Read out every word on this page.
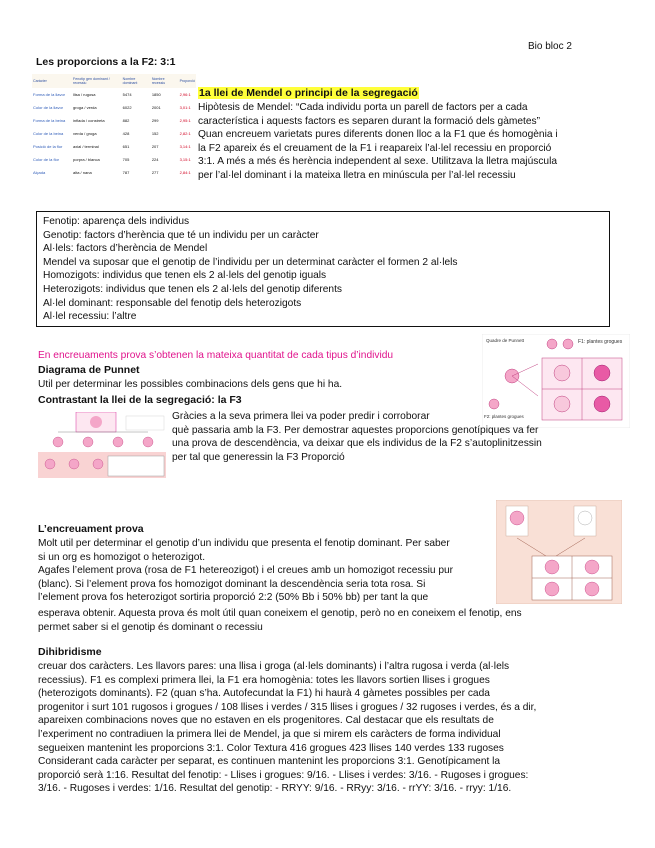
Bio bloc 2
Les proporcions a la F2: 3:1
Caràcter	Fenotip gen dominant / recessiu	Nombre dominant	Nombre recessiu	Proporció
Forma de la llavor	llisa / rugosa	5474	1850	2,96:1
Color de la llavor	groga / verda	6022	2001	3,01:1
Forma de la beina	inflada / constreta	882	299	2,95:1
Color de la beina	verda / groga	428	152	2,82:1
Posició de la flor	axial / terminal	651	207	3,14:1
Color de la flor	porpra / blanca	705	224	3,15:1
Alçada	alta / nana	787	277	2,84:1
1a llei de Mendel o principi de la segregació
Hipòtesis de Mendel: “Cada individu porta un parell de factors per a cada
característica i aquests factors es separen durant la formació dels gàmetes”
Quan encreuem varietats pures diferents donen lloc a la F1 que és homogènia i
la F2 apareix és el creuament de la F1 i reapareix l’al·lel recessiu en proporció
3:1. A més a més és herència independent al sexe. Utilitzava la lletra majúscula
per l’al·lel dominant i la mateixa lletra en minúscula per l’al·lel recessiu
Fenotip: aparença dels individus
Genotip: factors d’herència que té un individu per un caràcter
Al·lels: factors d’herència de Mendel
Mendel va suposar que el genotip de l’individu per un determinat caràcter el formen 2 al·lels
Homozigots: individus que tenen els 2 al·lels del genotip iguals
Heterozigots: individus que tenen els 2 al·lels del genotip diferents
Al·lel dominant: responsable del fenotip dels heterozigots
Al·lel recessiu: l’altre
En encreuaments prova s’obtenen la mateixa quantitat de cada tipus d’individu
Diagrama de Punnet
Util per determinar les possibles combinacions dels gens que hi ha.
Quadre de Punnett	F1: plantes grogues
F2: plantes grogues
Contrastant la llei de la segregació: la F3
Gràcies a la seva primera llei va poder predir i corroborar
què passaria amb la F3. Per demostrar aquestes proporcions genotípiques va fer
una prova de descendència, va deixar que els individus de la F2 s’autoplinitzessin
per tal que generessin la F3 Proporció
L’encreuament prova
Molt util per determinar el genotip d’un individu que presenta el fenotip dominant. Per saber
si un org es homozigot o heterozigot.
Agafes l’element prova (rosa de F1 hetereozigot) i el creues amb un homozigot recessiu pur
(blanc). Si l’element prova fos homozigot dominant la descendència seria tota rosa. Si
l’element prova fos heterozigot sortiria proporció 2:2 (50% Bb i 50% bb) per tant la que
esperava obtenir. Aquesta prova és molt útil quan coneixem el genotip, però no en coneixem el fenotip, ens
permet saber si el genotip és dominant o recessiu
Dihibridisme
creuar dos caràcters. Les llavors pares: una llisa i groga (al·lels dominants) i l’altra rugosa i verda (al·lels
recessius). F1 es complexi primera llei, la F1 era homogènia: totes les llavors sortien llises i grogues
(heterozigots dominants). F2 (quan s’ha. Autofecundat la F1) hi haurà 4 gàmetes possibles per cada
progenitor i surt 101 rugosos i grogues / 108 llises i verdes / 315 llises i grogues / 32 rugoses i verdes, és a dir,
apareixen combinacions noves que no estaven en els progenitores. Cal destacar que els resultats de
l’experiment no contradiuen la primera llei de Mendel, ja que si mirem els caràcters de forma individual
segueixen mantenint les proporcions 3:1. Color Textura 416 grogues 423 llises 140 verdes 133 rugoses
Considerant cada caràcter per separat, es continuen mantenint les proporcions 3:1. Genotípicament la
proporció serà 1:16. Resultat del fenotip: - Llises i grogues: 9/16. - Llises i verdes: 3/16. - Rugoses i grogues:
3/16. - Rugoses i verdes: 1/16. Resultat del genotip: - RRYY: 9/16. - RRyy: 3/16. - rrYY: 3/16. - rryy: 1/16.
